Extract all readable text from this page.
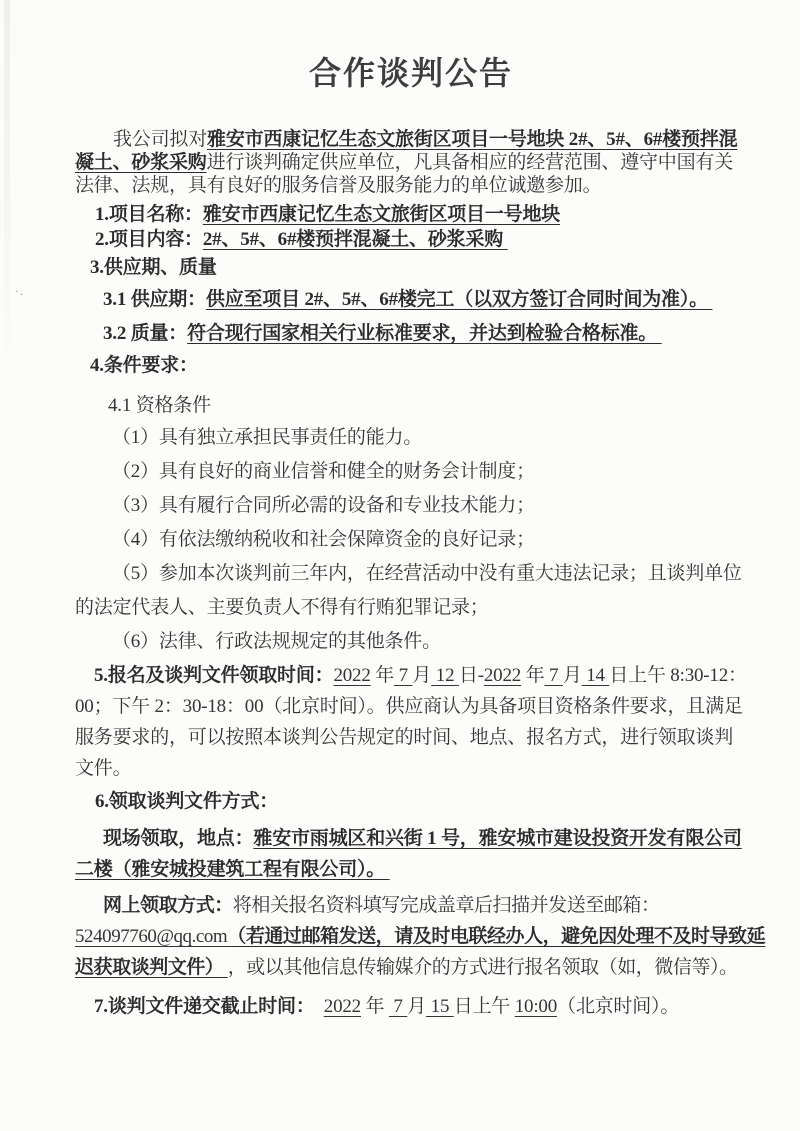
·.
合作谈判公告

我公司拟对雅安市西康记忆生态文旅街区项目一号地块 2#、5#、6#楼预拌混凝土、砂浆采购进行谈判确定供应单位，凡具备相应的经营范围、遵守中国有关法律、法规，具有良好的服务信誉及服务能力的单位诚邀参加。

1.项目名称：雅安市西康记忆生态文旅街区项目一号地块

2.项目内容：2#、5#、6#楼预拌混凝土、砂浆采购

3.供应期、质量

3.1 供应期：供应至项目 2#、5#、6#楼完工（以双方签订合同时间为准）。

3.2 质量：符合现行国家相关行业标准要求，并达到检验合格标准。

4.条件要求：

4.1 资格条件

（1）具有独立承担民事责任的能力。

（2）具有良好的商业信誉和健全的财务会计制度；

（3）具有履行合同所必需的设备和专业技术能力；

（4）有依法缴纳税收和社会保障资金的良好记录；

（5）参加本次谈判前三年内，在经营活动中没有重大违法记录；且谈判单位的法定代表人、主要负责人不得有行贿犯罪记录；

（6）法律、行政法规规定的其他条件。

5.报名及谈判文件领取时间：2022 年 7 月 12 日-2022 年 7 月 14 日上午 8:30-12：00；下午 2：30-18：00（北京时间）。供应商认为具备项目资格条件要求，且满足服务要求的，可以按照本谈判公告规定的时间、地点、报名方式，进行领取谈判文件。

6.领取谈判文件方式：

现场领取，地点：雅安市雨城区和兴街 1 号，雅安城市建设投资开发有限公司二楼（雅安城投建筑工程有限公司）。

网上领取方式：将相关报名资料填写完成盖章后扫描并发送至邮箱：524097760@qq.com（若通过邮箱发送，请及时电联经办人，避免因处理不及时导致延迟获取谈判文件） ，或以其他信息传输媒介的方式进行报名领取（如，微信等）。

7.谈判文件递交截止时间： 2022 年  7 月 15 日上午 10:00（北京时间）。
